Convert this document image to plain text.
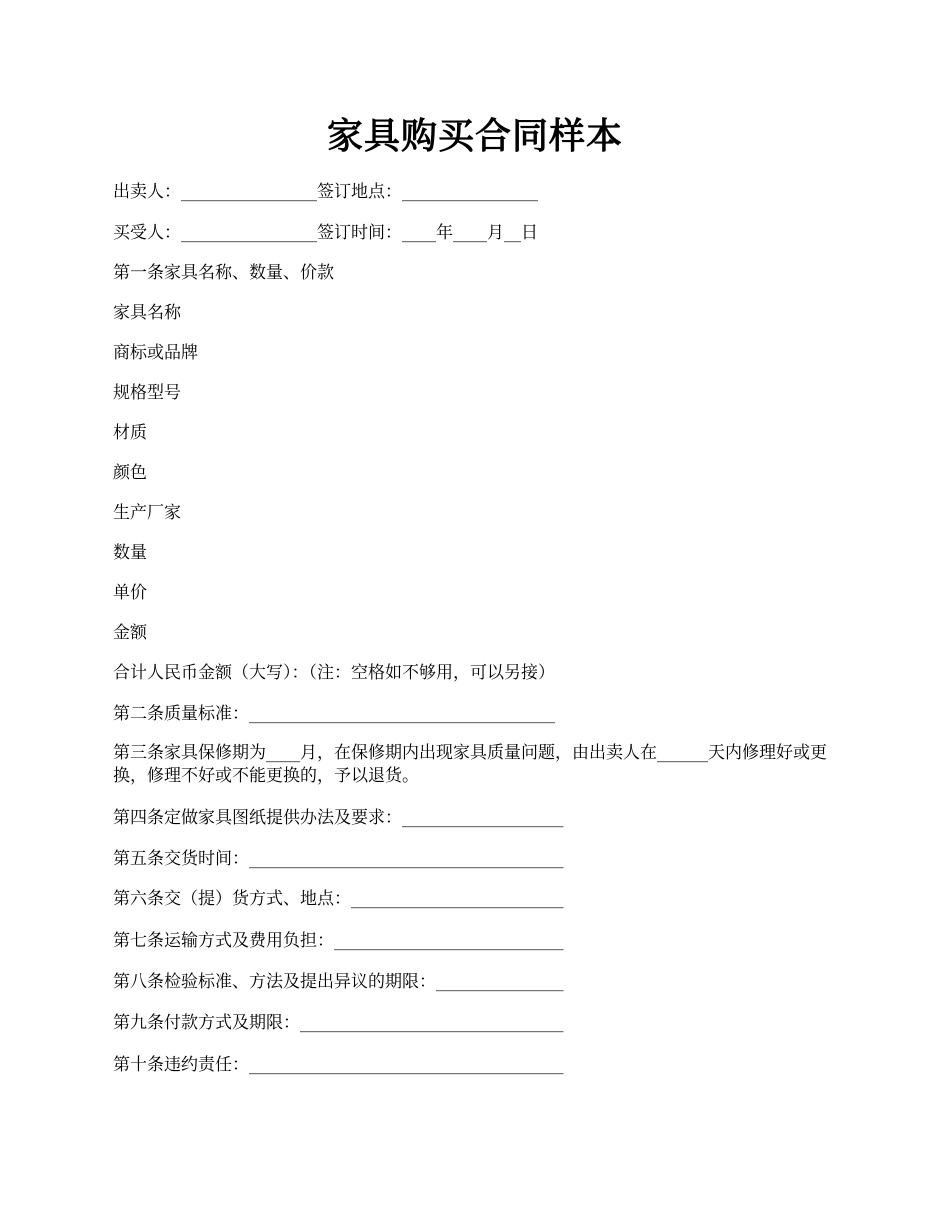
家具购买合同样本
出卖人：________________签订地点：________________
买受人：________________签订时间：____年____月__日
第一条家具名称、数量、价款
家具名称
商标或品牌
规格型号
材质
颜色
生产厂家
数量
单价
金额
合计人民币金额（大写）：（注：空格如不够用，可以另接）
第二条质量标准：____________________________________
第三条家具保修期为____月，在保修期内出现家具质量问题，由出卖人在______天内修理好或更换，修理不好或不能更换的，予以退货。
第四条定做家具图纸提供办法及要求：___________________
第五条交货时间：_____________________________________
第六条交（提）货方式、地点：_________________________
第七条运输方式及费用负担：___________________________
第八条检验标准、方法及提出异议的期限：_______________
第九条付款方式及期限：_______________________________
第十条违约责任：_____________________________________
